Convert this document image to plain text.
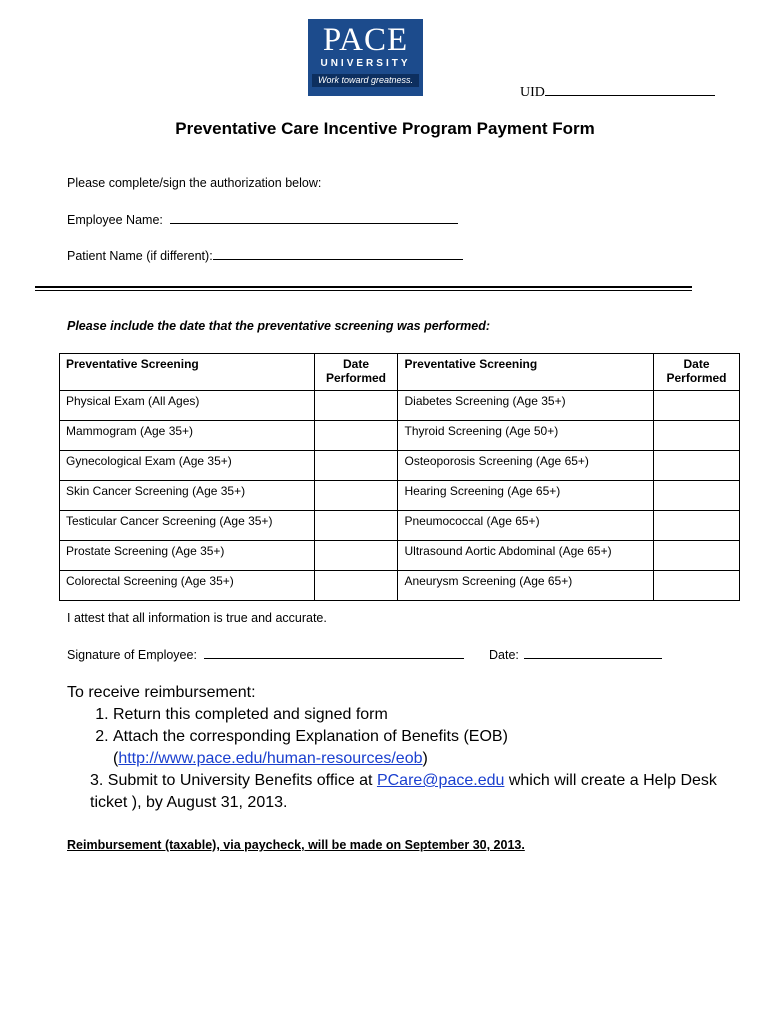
PACE
UNIVERSITY
Work toward greatness.
UID
Preventative Care Incentive Program Payment Form
Please complete/sign the authorization below:
Employee Name:
Patient Name (if different):
Please include the date that the preventative screening was performed:
Preventative Screening	Date Performed	Preventative Screening	Date Performed
Physical Exam (All Ages)		Diabetes Screening (Age 35+)	
Mammogram (Age 35+)		Thyroid Screening (Age 50+)	
Gynecological Exam (Age 35+)		Osteoporosis Screening (Age 65+)	
Skin Cancer Screening (Age 35+)		Hearing Screening (Age 65+)	
Testicular Cancer Screening (Age 35+)		Pneumococcal (Age 65+)	
Prostate Screening (Age 35+)		Ultrasound Aortic Abdominal (Age 65+)	
Colorectal Screening (Age 35+)		Aneurysm Screening (Age 65+)	
I attest that all information is true and accurate.
Signature of Employee:	Date:
To receive reimbursement:
1. Return this completed and signed form
2. Attach the corresponding Explanation of Benefits (EOB)
(http://www.pace.edu/human-resources/eob)
3. Submit to University Benefits office at PCare@pace.edu which will create a Help Desk ticket ), by August 31, 2013.
Reimbursement (taxable), via paycheck, will be made on September 30, 2013.
